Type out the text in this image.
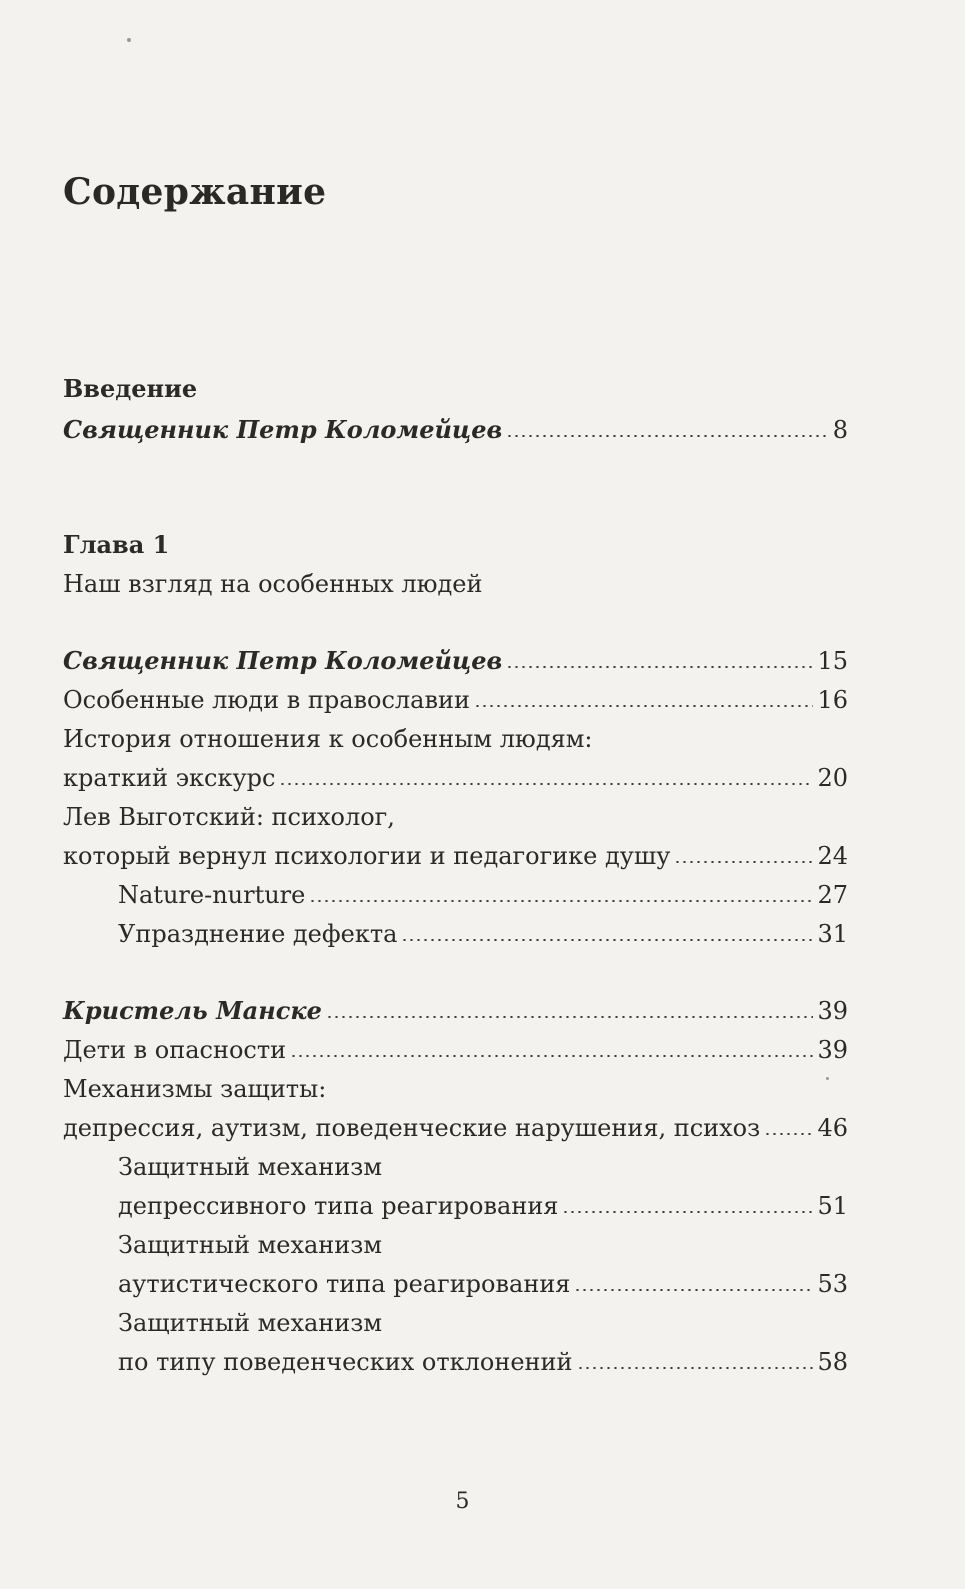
Содержание
Введение
Священник Петр Коломейцев	8
Глава 1
Наш взгляд на особенных людей
Священник Петр Коломейцев	15
Особенные люди в православии	16
История отношения к особенным людям:
краткий экскурс	20
Лев Выготский: психолог,
который вернул психологии и педагогике душу	24
Nature-nurture	27
Упразднение дефекта	31
Кристель Манске	39
Дети в опасности	39
Механизмы защиты:
депрессия, аутизм, поведенческие нарушения, психоз 46
Защитный механизм
депрессивного типа реагирования	51
Защитный механизм
аутистического типа реагирования	53
Защитный механизм
по типу поведенческих отклонений	58
5
